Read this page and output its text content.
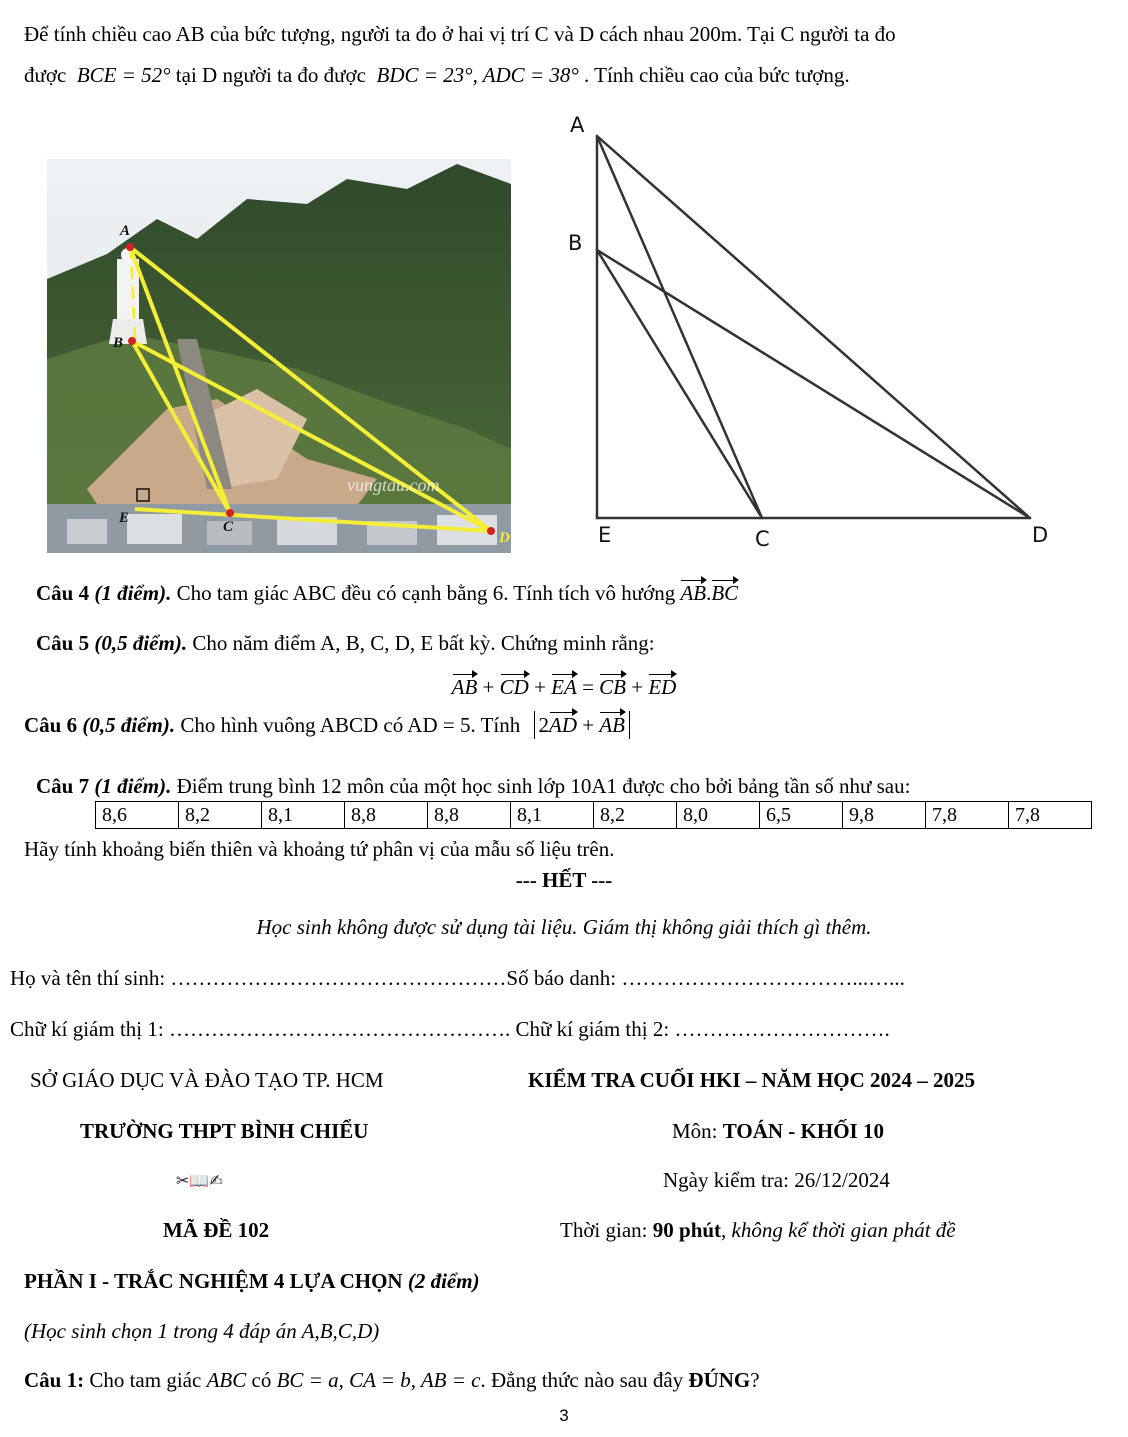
Để tính chiều cao AB của bức tượng, người ta đo ở hai vị trí C và D cách nhau 200m. Tại C người ta đo
được BCE = 52° tại D người ta đo được BDC = 23°, ADC = 38° . Tính chiều cao của bức tượng.
A
B
E
C
D
vungtau.com
A
B
E	C	D
Câu 4 (1 điểm). Cho tam giác ABC đều có cạnh bằng 6. Tính tích vô hướng AB.BC
Câu 5 (0,5 điểm). Cho năm điểm A, B, C, D, E bất kỳ. Chứng minh rằng:
AB + CD + EA = CB + ED
Câu 6 (0,5 điểm). Cho hình vuông ABCD có AD = 5. Tính 2AD + AB
Câu 7 (1 điểm). Điểm trung bình 12 môn của một học sinh lớp 10A1 được cho bởi bảng tần số như sau:
8,6	8,2	8,1	8,8	8,8	8,1	8,2	8,0	6,5	9,8	7,8	7,8
Hãy tính khoảng biến thiên và khoảng tứ phân vị của mẫu số liệu trên.
--- HẾT ---
Học sinh không được sử dụng tài liệu. Giám thị không giải thích gì thêm.
Họ và tên thí sinh: …………………………………………Số báo danh: ……………………………...…...
Chữ kí giám thị 1: …………………………………………. Chữ kí giám thị 2: ………………………….
SỞ GIÁO DỤC VÀ ĐÀO TẠO TP. HCM	KIỂM TRA CUỐI HKI – NĂM HỌC 2024 – 2025
TRƯỜNG THPT BÌNH CHIỂU	Môn: TOÁN - KHỐI 10
✂📖✍	Ngày kiểm tra: 26/12/2024
MÃ ĐỀ 102	Thời gian: 90 phút, không kể thời gian phát đề
PHẦN I - TRẮC NGHIỆM 4 LỰA CHỌN (2 điểm)
(Học sinh chọn 1 trong 4 đáp án A,B,C,D)
Câu 1: Cho tam giác ABC có BC = a, CA = b, AB = c. Đẳng thức nào sau đây ĐÚNG?
3
